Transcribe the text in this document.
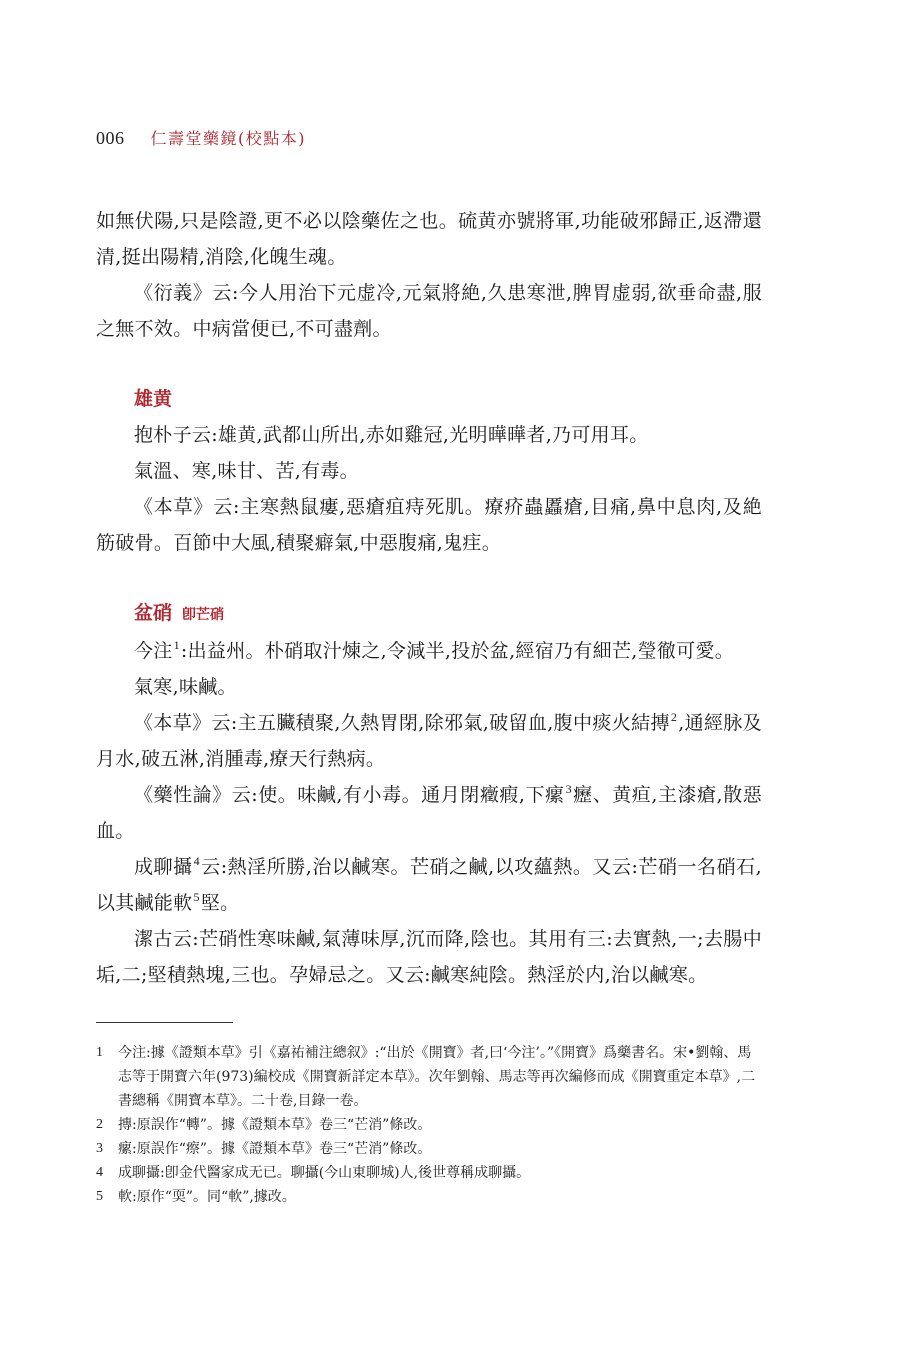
006 仁壽堂藥鏡(校點本)

如無伏陽,只是陰證,更不必以陰藥佐之也。硫黄亦號將軍,功能破邪歸正,返滯還清,挺出陽精,消陰,化魄生魂。

《衍義》云:今人用治下元虚冷,元氣將絶,久患寒泄,脾胃虚弱,欲垂命盡,服之無不效。中病當便已,不可盡劑。

雄黄

抱朴子云:雄黄,武都山所出,赤如雞冠,光明曄曄者,乃可用耳。

氣溫、寒,味甘、苦,有毒。

《本草》云:主寒熱鼠瘻,惡瘡疽痔死肌。療疥蟲䘌瘡,目痛,鼻中息肉,及絶筋破骨。百節中大風,積聚癖氣,中惡腹痛,鬼疰。

盆硝 卽芒硝

今注$^1$:出益州。朴硝取汁煉之,令減半,投於盆,經宿乃有細芒,瑩徹可愛。

氣寒,味鹹。

《本草》云:主五臟積聚,久熱胃閉,除邪氣,破留血,腹中痰火結摶$^2$,通經脉及月水,破五淋,消腫毒,療天行熱病。

《藥性論》云:使。味鹹,有小毒。通月閉癥瘕,下瘰$^3$癧、黄疸,主漆瘡,散惡血。

成聊攝$^4$云:熱淫所勝,治以鹹寒。芒硝之鹹,以攻蘊熱。又云:芒硝一名硝石,以其鹹能軟$^5$堅。

潔古云:芒硝性寒味鹹,氣薄味厚,沉而降,陰也。其用有三:去實熱,一;去腸中垢,二;堅積熱塊,三也。孕婦忌之。又云:鹹寒純陰。熱淫於内,治以鹹寒。

1 今注:據《證類本草》引《嘉祐補注總叙》:“出於《開寶》者,曰‘今注’。”《開寶》爲藥書名。宋•劉翰、馬志等于開寶六年(973)編校成《開寶新詳定本草》。次年劉翰、馬志等再次編修而成《開寶重定本草》,二書總稱《開寶本草》。二十卷,目錄一卷。
2 摶:原誤作“轉”。據《證類本草》卷三“芒消”條改。
3 瘰:原誤作“瘵”。據《證類本草》卷三“芒消”條改。
4 成聊攝:卽金代醫家成无已。聊攝(今山東聊城)人,後世尊稱成聊攝。
5 軟:原作“耎”。同“軟”,據改。
